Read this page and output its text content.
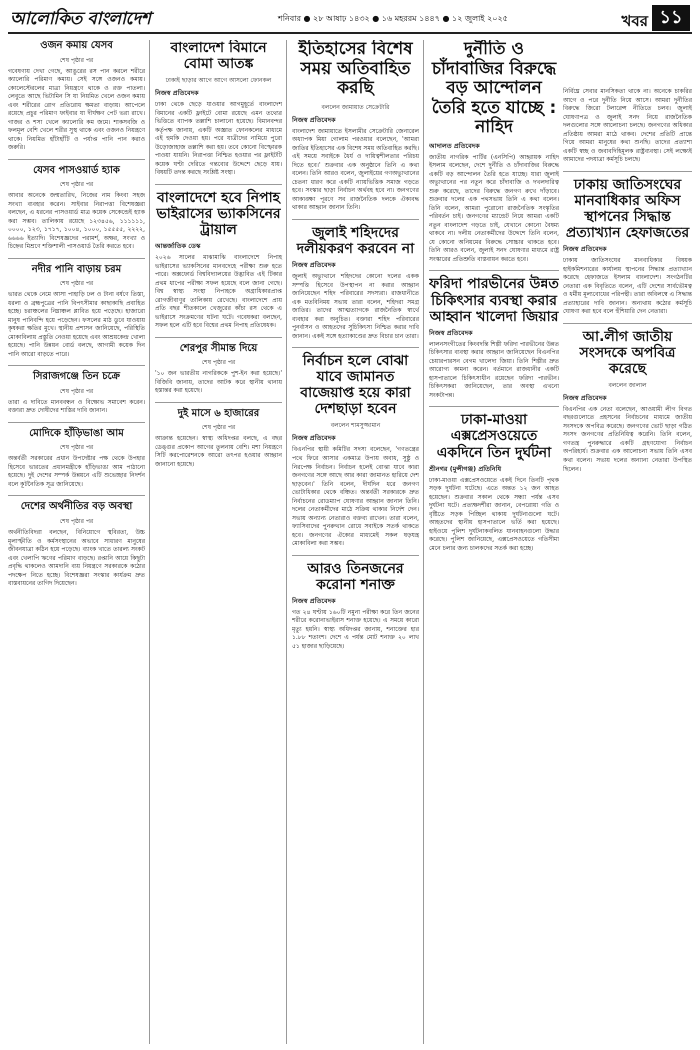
আলোকিত বাংলাদেশ	শনিবার ● ২৮ আষাঢ় ১৪৩২ ● ১৬ মহররম ১৪৪৭ ● ১২ জুলাই ২০২৫	খবর ১১
ওজন কমায় যেসব
শেষ পৃষ্ঠার পর
গবেষণায় দেখা গেছে, আঙুরের রস পান করলে শরীরে ক্যালোরি পরিমাণ কমায়। সেই সঙ্গে ওজনও কমায়। কোলেস্টেরলের মাত্রা নিয়ন্ত্রণে থাকে ও রক্ত পাতলা। লেবুতে আছে ভিটামিন সি যা নিয়মিত খেলে ওজন কমায় এবং শরীরের রোগ প্রতিরোধ ক্ষমতা বাড়ায়। আপেলে রয়েছে প্রচুর পরিমাণ ফাইবার যা দীর্ঘক্ষণ পেট ভরা রাখে। গাজর ও শসা খেলে ক্যালোরি কম জমে। শাকসবজি ও ফলমূল বেশি খেলে শরীর সুস্থ থাকে এবং ওজনও নিয়ন্ত্রণে থাকে। নিয়মিত হাঁটাহাঁটি ও পর্যাপ্ত পানি পান করাও জরুরি।
যেসব পাসওয়ার্ড হ্যাক
শেষ পৃষ্ঠার পর
আবার অনেকে জন্মতারিখ, নিজের নাম কিংবা সহজ সংখ্যা ব্যবহার করেন। সাইবার নিরাপত্তা বিশেষজ্ঞরা বলছেন, এ ধরনের পাসওয়ার্ড মাত্র কয়েক সেকেন্ডেই হ্যাক করা সম্ভব। তালিকায় রয়েছে ১২৩৪৫৬, ১১১১১১, ০০০০, ১২৩, ১৭১৭, ১০০৪, ১০০০, ১৫৫৫৫, ২২২২, ৬৬৬৬ ইত্যাদি। বিশেষজ্ঞদের পরামর্শ, অক্ষর, সংখ্যা ও চিহ্নের মিশ্রণে শক্তিশালী পাসওয়ার্ড তৈরি করতে হবে।
নদীর পানি বাড়ায় চরম
শেষ পৃষ্ঠার পর
ভারত থেকে নেমে আসা পাহাড়ি ঢল ও টানা বর্ষণে তিস্তা, ধরলা ও ব্রহ্মপুত্রের পানি বিপৎসীমার কাছাকাছি প্রবাহিত হচ্ছে। চরাঞ্চলের নিম্নাঞ্চল প্লাবিত হয়ে পড়েছে। হাজারো মানুষ পানিবন্দি হয়ে পড়েছেন। ফসলের মাঠ ডুবে যাওয়ায় কৃষকরা ক্ষতির মুখে। স্থানীয় প্রশাসন জানিয়েছে, পরিস্থিতি মোকাবিলায় প্রস্তুতি নেওয়া হয়েছে এবং আশ্রয়কেন্দ্র খোলা হয়েছে। পানি উন্নয়ন বোর্ড বলছে, আগামী কয়েক দিন পানি আরো বাড়তে পারে।
সিরাজগঞ্জে তিন চক্রে
শেষ পৃষ্ঠার পর
তারা এ দাবিতে মানববন্ধন ও বিক্ষোভ সমাবেশ করেন। বক্তারা দ্রুত দোষীদের শাস্তির দাবি জানান।
মোদিকে হাঁড়িভাঙা আম
শেষ পৃষ্ঠার পর
অন্তর্বর্তী সরকারের প্রধান উপদেষ্টার পক্ষ থেকে উপহার হিসেবে ভারতের প্রধানমন্ত্রীকে হাঁড়িভাঙা আম পাঠানো হয়েছে। দুই দেশের সম্পর্ক উন্নয়নে এটি শুভেচ্ছার নিদর্শন বলে কূটনৈতিক সূত্র জানিয়েছে।
দেশের অর্থনীতির বড় অবস্থা
শেষ পৃষ্ঠার পর
অর্থনীতিবিদরা বলছেন, বিনিয়োগে স্থবিরতা, উচ্চ মূল্যস্ফীতি ও কর্মসংস্থানের অভাবে সাধারণ মানুষের জীবনযাত্রা কঠিন হয়ে পড়েছে। ব্যাংক খাতে তারল্য সংকট এবং খেলাপি ঋণের পরিমাণ বাড়ছে। রপ্তানি আয়ে কিছুটা প্রবৃদ্ধি থাকলেও আমদানি ব্যয় নিয়ন্ত্রণে সরকারকে কঠোর পদক্ষেপ নিতে হচ্ছে। বিশেষজ্ঞরা সংস্কার কার্যক্রম দ্রুত বাস্তবায়নের তাগিদ দিয়েছেন।
বাংলাদেশ বিমানে বোমা আতঙ্ক
ঢাকাই ছাড়ার আগে আগে আসলো ফোনকল
নিজস্ব প্রতিবেদক
ঢাকা থেকে ছেড়ে যাওয়ার আগমুহূর্তে বাংলাদেশ বিমানের একটি ফ্লাইটে বোমা রয়েছে এমন তথ্যের ভিত্তিতে ব্যাপক তল্লাশি চালানো হয়েছে। বিমানবন্দর কর্তৃপক্ষ জানায়, একটি অজ্ঞাত ফোনকলের মাধ্যমে এই হুমকি দেওয়া হয়। পরে যাত্রীদের নামিয়ে পুরো উড়োজাহাজ তল্লাশি করা হয়। তবে কোনো বিস্ফোরক পাওয়া যায়নি। নিরাপত্তা নিশ্চিত হওয়ার পর ফ্লাইটটি কয়েক ঘণ্টা দেরিতে গন্তব্যের উদ্দেশে ছেড়ে যায়। বিষয়টি তদন্ত করছে সংশ্লিষ্ট সংস্থা।
বাংলাদেশে হবে নিপাহ ভাইরাসের ভ্যাকসিনের ট্রায়াল
আন্তর্জাতিক ডেস্ক
২০২৬ সালের মাঝামাঝি বাংলাদেশে নিপাহ ভাইরাসের ভ্যাকসিনের মানবদেহে পরীক্ষা শুরু হতে পারে। অক্সফোর্ড বিশ্ববিদ্যালয়ের উদ্ভাবিত এই টিকার প্রথম ধাপের পরীক্ষা সফল হয়েছে বলে জানা গেছে। বিশ্ব স্বাস্থ্য সংস্থা নিপাহকে অগ্রাধিকারপ্রাপ্ত রোগজীবাণুর তালিকায় রেখেছে। বাংলাদেশে প্রায় প্রতি বছর শীতকালে খেজুরের কাঁচা রস থেকে এ ভাইরাসে সংক্রমণের ঘটনা ঘটে। গবেষকরা বলছেন, সফল হলে এটি হবে বিশ্বের প্রথম নিপাহ প্রতিষেধক।
শেরপুর সীমান্ত দিয়ে
শেষ পৃষ্ঠার পর
'১০ জন ভারতীয় নাগরিককে পুশ-ইন করা হয়েছে।' বিজিবি জানায়, তাদের আটক করে স্থানীয় থানায় হস্তান্তর করা হয়েছে।
দুই মাসে ৬ হাজারের
শেষ পৃষ্ঠার পর
আক্রান্ত হয়েছেন। স্বাস্থ্য অধিদপ্তর বলছে, এ বছর ডেঙ্গুর প্রকোপ আগের তুলনায় বেশি। মশা নিয়ন্ত্রণে সিটি করপোরেশনকে আরো তৎপর হওয়ার আহ্বান জানানো হয়েছে।
ইতিহাসের বিশেষ সময় অতিবাহিত করছি
বললেন জামায়াত সেক্রেটারি
নিজস্ব প্রতিবেদক
বাংলাদেশ জামায়াতে ইসলামীর সেক্রেটারি জেনারেল অধ্যাপক মিয়া গোলাম পরওয়ার বলেছেন, 'আমরা জাতির ইতিহাসের এক বিশেষ সময় অতিবাহিত করছি। এই সময়ে সবাইকে ধৈর্য ও দায়িত্বশীলতার পরিচয় দিতে হবে।' শুক্রবার এক অনুষ্ঠানে তিনি এ কথা বলেন। তিনি আরও বলেন, জুলাইয়ের গণঅভ্যুত্থানের চেতনা ধারণ করে একটি ন্যায়ভিত্তিক সমাজ গড়তে হবে। সংস্কার ছাড়া নির্বাচন অর্থবহ হবে না। জনগণের আকাঙ্ক্ষা পূরণে সব রাজনৈতিক দলকে ঐক্যবদ্ধ থাকার আহ্বান জানান তিনি।
জুলাই শহিদদের দলীয়করণ করবেন না
নিজস্ব প্রতিবেদক
জুলাই অভ্যুত্থানে শহিদদের কোনো দলের একক সম্পত্তি হিসেবে উপস্থাপন না করার আহ্বান জানিয়েছেন শহিদ পরিবারের সদস্যরা। রাজধানীতে এক মতবিনিময় সভায় তারা বলেন, শহিদরা সমগ্র জাতির। তাদের আত্মত্যাগকে রাজনৈতিক স্বার্থে ব্যবহার করা অনুচিত। বক্তারা শহিদ পরিবারের পুনর্বাসন ও আহতদের সুচিকিৎসা নিশ্চিত করার দাবি জানান। একই সঙ্গে হত্যাকাণ্ডের দ্রুত বিচার চান তারা।
নির্বাচন হলে বোঝা যাবে জামানত বাজেয়াপ্ত হয়ে কারা দেশছাড়া হবেন
বললেন শামসুজ্জামান
নিজস্ব প্রতিবেদক
বিএনপির স্থায়ী কমিটির সদস্য বলেছেন, 'গণতন্ত্রের পথে ফিরে আসার একমাত্র উপায় অবাধ, সুষ্ঠু ও নিরপেক্ষ নির্বাচন। নির্বাচন হলেই বোঝা যাবে কারা জনগণের সঙ্গে আছে আর কারা জামানত হারিয়ে দেশ ছাড়বেন।' তিনি বলেন, দীর্ঘদিন ধরে জনগণ ভোটাধিকার থেকে বঞ্চিত। অন্তর্বর্তী সরকারকে দ্রুত নির্বাচনের রোডম্যাপ ঘোষণার আহ্বান জানান তিনি। দলের নেতাকর্মীদের মাঠে সক্রিয় থাকার নির্দেশ দেন। সভায় অন্যান্য নেতারাও বক্তব্য রাখেন। তারা বলেন, ফ্যাসিবাদের পুনরুত্থান রোধে সবাইকে সতর্ক থাকতে হবে। জনগণের ঐক্যের মাধ্যমেই সকল ষড়যন্ত্র মোকাবিলা করা সম্ভব।
আরও তিনজনের করোনা শনাক্ত
নিজস্ব প্রতিবেদক
গত ২৪ ঘণ্টায় ১৬০টি নমুনা পরীক্ষা করে তিন জনের শরীরে করোনাভাইরাস শনাক্ত হয়েছে। এ সময়ে কারো মৃত্যু হয়নি। স্বাস্থ্য অধিদপ্তর জানায়, শনাক্তের হার ১.৮৮ শতাংশ। দেশে এ পর্যন্ত মোট শনাক্ত ২০ লাখ ৫১ হাজার ছাড়িয়েছে।
দুর্নীতি ও চাঁদাবাজির বিরুদ্ধে বড় আন্দোলন তৈরি হতে যাচ্ছে : নাহিদ
আদালত প্রতিবেদক
জাতীয় নাগরিক পার্টির (এনসিপি) আহ্বায়ক নাহিদ ইসলাম বলেছেন, দেশে দুর্নীতি ও চাঁদাবাজির বিরুদ্ধে একটি বড় আন্দোলন তৈরি হতে যাচ্ছে। যারা জুলাই অভ্যুত্থানের পর নতুন করে চাঁদাবাজি ও দখলদারিত্ব শুরু করেছে, তাদের বিরুদ্ধে জনগণ রুখে দাঁড়াবে। শুক্রবার দলের এক পথসভায় তিনি এ কথা বলেন। তিনি বলেন, আমরা পুরোনো রাজনৈতিক সংস্কৃতির পরিবর্তন চাই। জনগণের ম্যান্ডেট নিয়ে আমরা একটি নতুন বাংলাদেশ গড়তে চাই, যেখানে কোনো বৈষম্য থাকবে না। দলীয় নেতাকর্মীদের উদ্দেশে তিনি বলেন, যে কোনো অনিয়মের বিরুদ্ধে সোচ্চার থাকতে হবে। তিনি আরও বলেন, জুলাই সনদ ঘোষণার মাধ্যমে রাষ্ট্র সংস্কারের প্রতিশ্রুতি বাস্তবায়ন করতে হবে।
ফরিদা পারভীনের উন্নত চিকিৎসার ব্যবস্থা করার আহ্বান খালেদা জিয়ার
নিজস্ব প্রতিবেদক
লালনসংগীতের কিংবদন্তি শিল্পী ফরিদা পারভীনের উন্নত চিকিৎসার ব্যবস্থা করার আহ্বান জানিয়েছেন বিএনপির চেয়ারপারসন বেগম খালেদা জিয়া। তিনি শিল্পীর দ্রুত আরোগ্য কামনা করেন। বর্তমানে রাজধানীর একটি হাসপাতালে চিকিৎসাধীন রয়েছেন ফরিদা পারভীন। চিকিৎসকরা জানিয়েছেন, তার অবস্থা এখনো সংকটাপন্ন।
ঢাকা-মাওয়া এক্সপ্রেসওয়েতে একদিনে তিন দুর্ঘটনা
শ্রীনগর (মুন্সীগঞ্জ) প্রতিনিধি
ঢাকা-মাওয়া এক্সপ্রেসওয়েতে একই দিনে তিনটি পৃথক সড়ক দুর্ঘটনা ঘটেছে। এতে অন্তত ১২ জন আহত হয়েছেন। শুক্রবার সকাল থেকে সন্ধ্যা পর্যন্ত এসব দুর্ঘটনা ঘটে। প্রত্যক্ষদর্শীরা জানান, বেপরোয়া গতি ও বৃষ্টিতে সড়ক পিচ্ছিল থাকায় দুর্ঘটনাগুলো ঘটে। আহতদের স্থানীয় হাসপাতালে ভর্তি করা হয়েছে। হাইওয়ে পুলিশ দুর্ঘটনাকবলিত যানবাহনগুলো উদ্ধার করেছে। পুলিশ জানিয়েছে, এক্সপ্রেসওয়েতে গতিসীমা মেনে চলার জন্য চালকদের সতর্ক করা হচ্ছে।
নির্বিঘ্নে সেবার মানসিকতা থাকে না। অনেকে চাকরির আগে ও পরে দুর্নীতি নিয়ে আসে। আমরা দুর্নীতির বিরুদ্ধে জিরো টলারেন্স নীতিতে চলব। জুলাই ঘোষণাপত্র ও জুলাই সনদ নিয়ে রাজনৈতিক দলগুলোর সঙ্গে আলোচনা চলছে। জনগণের অধিকার প্রতিষ্ঠায় আমরা মাঠে থাকব। দেশের প্রতিটি প্রান্তে গিয়ে আমরা মানুষের কথা শুনছি। তাদের প্রত্যাশা একটি স্বচ্ছ ও জবাবদিহিমূলক রাষ্ট্রব্যবস্থা। সেই লক্ষ্যেই আমাদের পদযাত্রা কর্মসূচি চলছে।
ঢাকায় জাতিসংঘের মানবাধিকার অফিস স্থাপনের সিদ্ধান্ত প্রত্যাখ্যান হেফাজতের
নিজস্ব প্রতিবেদক
ঢাকায় জাতিসংঘের মানবাধিকার বিষয়ক হাইকমিশনারের কার্যালয় স্থাপনের সিদ্ধান্ত প্রত্যাখ্যান করেছে হেফাজতে ইসলাম বাংলাদেশ। সংগঠনটির নেতারা এক বিবৃতিতে বলেন, এটি দেশের সার্বভৌমত্ব ও ধর্মীয় মূল্যবোধের পরিপন্থী। তারা অবিলম্বে এ সিদ্ধান্ত প্রত্যাহারের দাবি জানান। অন্যথায় কঠোর কর্মসূচি ঘোষণা করা হবে বলে হুঁশিয়ারি দেন নেতারা।
আ.লীগ জাতীয় সংসদকে অপবিত্র করেছে
বললেন জালাল
নিজস্ব প্রতিবেদক
বিএনপির এক নেতা বলেছেন, আওয়ামী লীগ বিগত বছরগুলোতে প্রহসনের নির্বাচনের মাধ্যমে জাতীয় সংসদকে অপবিত্র করেছে। জনগণের ভোট ছাড়া গঠিত সংসদ জনগণের প্রতিনিধিত্ব করেনি। তিনি বলেন, গণতন্ত্র পুনরুদ্ধারে একটি গ্রহণযোগ্য নির্বাচন অপরিহার্য। শুক্রবার এক আলোচনা সভায় তিনি এসব কথা বলেন। সভায় দলের অন্যান্য নেতারা উপস্থিত ছিলেন।
